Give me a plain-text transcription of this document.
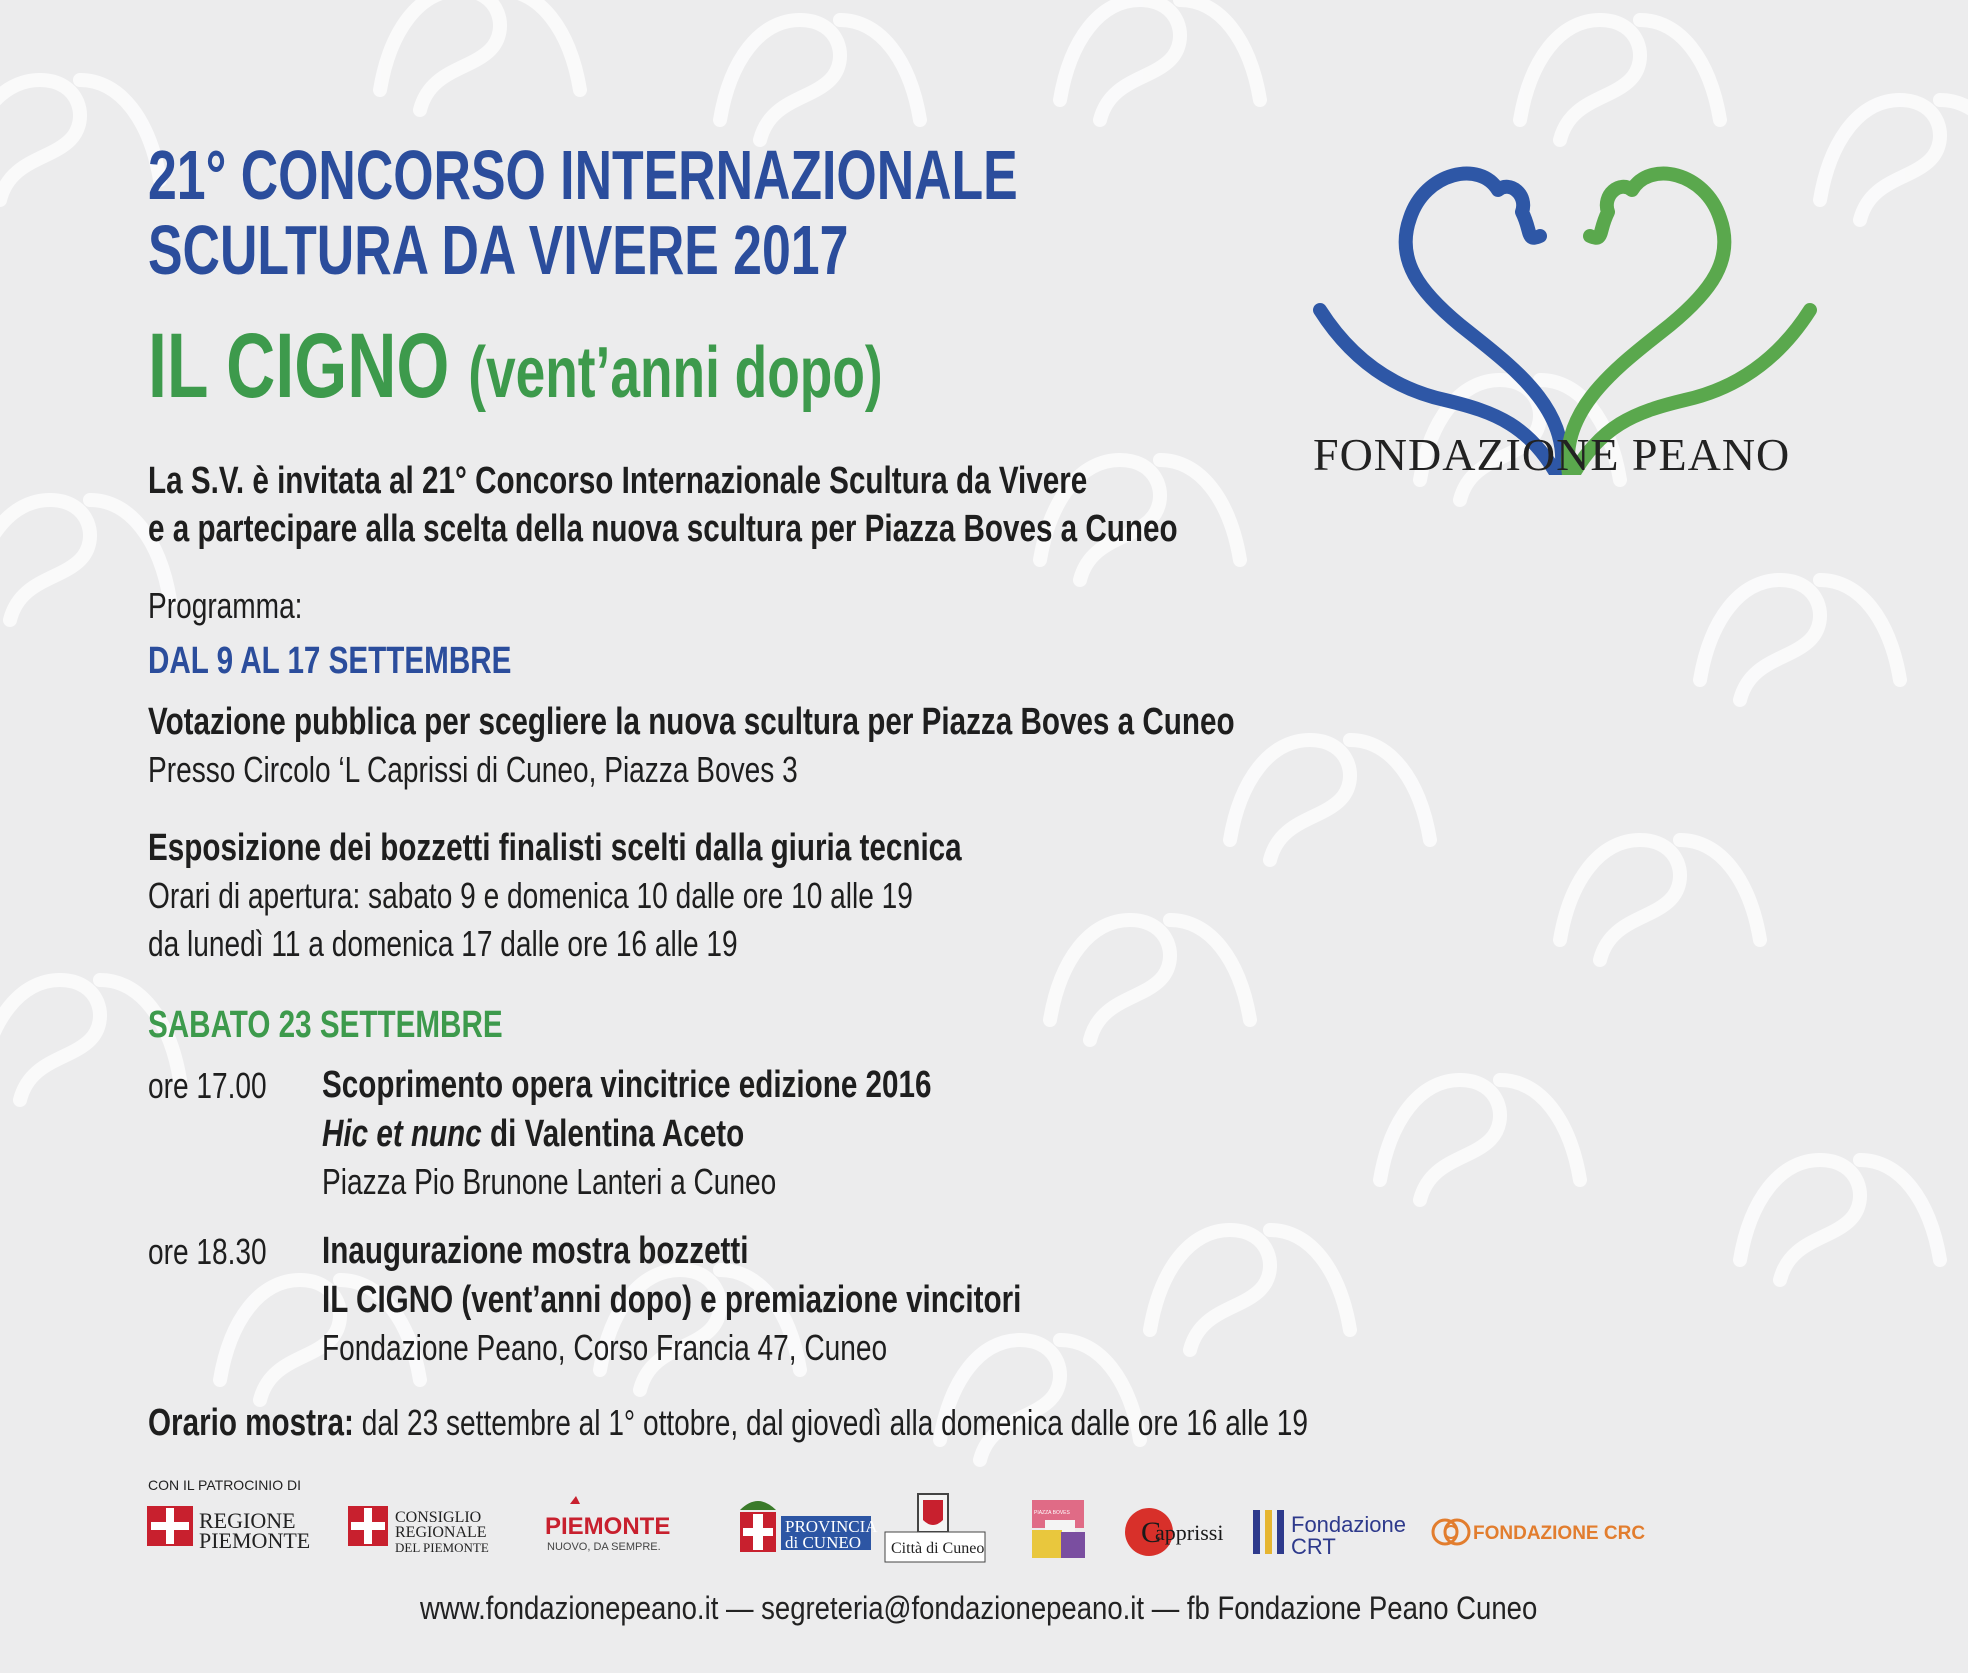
21° CONCORSO INTERNAZIONALE
SCULTURA DA VIVERE 2017
IL CIGNO (vent’anni dopo)
FONDAZIONE PEANO
La S.V. è invitata al 21° Concorso Internazionale Scultura da Vivere
e a partecipare alla scelta della nuova scultura per Piazza Boves a Cuneo
Programma:
DAL 9 AL 17 SETTEMBRE
Votazione pubblica per scegliere la nuova scultura per Piazza Boves a Cuneo
Presso Circolo ‘L Caprissi di Cuneo, Piazza Boves 3
Esposizione dei bozzetti finalisti scelti dalla giuria tecnica
Orari di apertura: sabato 9 e domenica 10 dalle ore 10 alle 19
da lunedì 11 a domenica 17 dalle ore 16 alle 19
SABATO 23 SETTEMBRE
ore 17.00 Scoprimento opera vincitrice edizione 2016
Hic et nunc di Valentina Aceto
Piazza Pio Brunone Lanteri a Cuneo
ore 18.30 Inaugurazione mostra bozzetti
IL CIGNO (vent’anni dopo) e premiazione vincitori
Fondazione Peano, Corso Francia 47, Cuneo
Orario mostra: dal 23 settembre al 1° ottobre, dal giovedì alla domenica dalle ore 16 alle 19
CON IL PATROCINIO DI
REGIONE
PIEMONTE
CONSIGLIO
REGIONALE
DEL PIEMONTE
PIEMONTE
NUOVO, DA SEMPRE.
PROVINCIA
di CUNEO Città di Cuneo
PIAZZA BOVES
C
apprissi	Fondazione
CRT
FONDAZIONE CRC
www.fondazionepeano.it — segreteria@fondazionepeano.it — fb Fondazione Peano Cuneo
